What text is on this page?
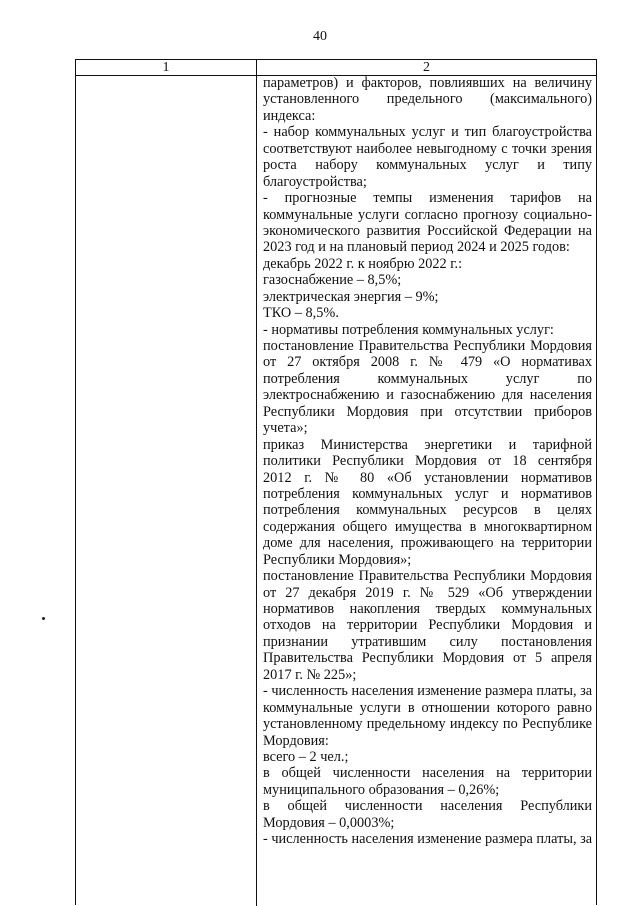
40
1	2
параметров) и факторов, повлиявших на величину
установленного предельного (максимального)
индекса:
- набор коммунальных услуг и тип благоустройства
соответствуют наиболее невыгодному с точки зрения
роста набору коммунальных услуг и типу
благоустройства;
- прогнозные темпы изменения тарифов на
коммунальные услуги согласно прогнозу социально-
экономического развития Российской Федерации на
2023 год и на плановый период 2024 и 2025 годов:
декабрь 2022 г. к ноябрю 2022 г.:
газоснабжение – 8,5%;
электрическая энергия – 9%;
ТКО – 8,5%.
- нормативы потребления коммунальных услуг:
постановление Правительства Республики Мордовия
от 27 октября 2008 г. № 479 «О нормативах
потребления коммунальных услуг по
электроснабжению и газоснабжению для населения
Республики Мордовия при отсутствии приборов
учета»;
приказ Министерства энергетики и тарифной
политики Республики Мордовия от 18 сентября
2012 г. № 80 «Об установлении нормативов
потребления коммунальных услуг и нормативов
потребления коммунальных ресурсов в целях
содержания общего имущества в многоквартирном
доме для населения, проживающего на территории
Республики Мордовия»;
постановление Правительства Республики Мордовия
от 27 декабря 2019 г. № 529 «Об утверждении
нормативов накопления твердых коммунальных
отходов на территории Республики Мордовия и
признании утратившим силу постановления
Правительства Республики Мордовия от 5 апреля
2017 г. № 225»;
- численность населения изменение размера платы, за
коммунальные услуги в отношении которого равно
установленному предельному индексу по Республике
Мордовия:
всего – 2 чел.;
в общей численности населения на территории
муниципального образования – 0,26%;
в общей численности населения Республики
Мордовия – 0,0003%;
- численность населения изменение размера платы, за
